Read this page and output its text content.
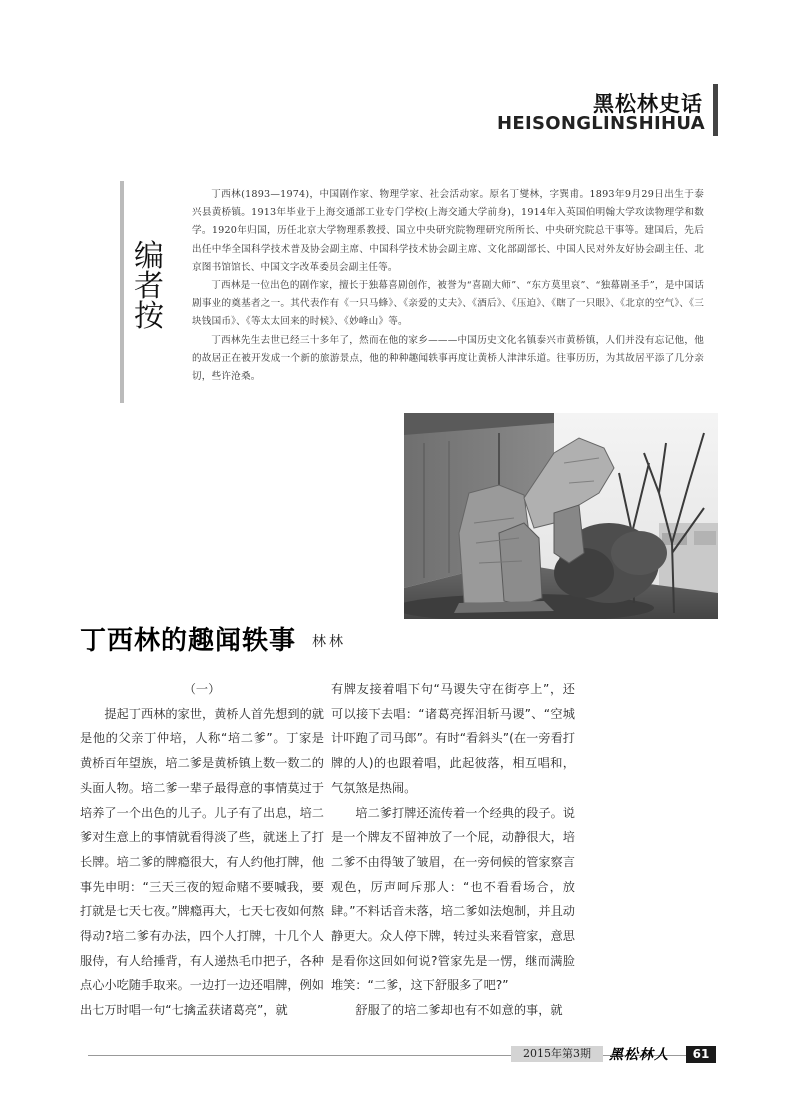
黑松林史话
HEISONGLINSHIHUA
编
者
按

丁西林(1893—1974)，中国剧作家、物理学家、社会活动家。原名丁燮林，字巽甫。1893年9月29日出生于泰兴县黄桥镇。1913年毕业于上海交通部工业专门学校(上海交通大学前身)，1914年入英国伯明翰大学攻读物理学和数学。1920年归国，历任北京大学物理系教授、国立中央研究院物理研究所所长、中央研究院总干事等。建国后，先后出任中华全国科学技术普及协会副主席、中国科学技术协会副主席、文化部副部长、中国人民对外友好协会副主任、北京图书馆馆长、中国文字改革委员会副主任等。

丁西林是一位出色的剧作家，擅长于独幕喜剧创作，被誉为“喜剧大师”、“东方莫里哀”、“独幕剧圣手”，是中国话剧事业的奠基者之一。其代表作有《一只马蜂》、《亲爱的丈夫》、《酒后》、《压迫》、《瞎了一只眼》、《北京的空气》、《三块钱国币》、《等太太回来的时候》、《妙峰山》等。

丁西林先生去世已经三十多年了，然而在他的家乡———中国历史文化名镇泰兴市黄桥镇，人们并没有忘记他，他的故居正在被开发成一个新的旅游景点，他的种种趣闻轶事再度让黄桥人津津乐道。往事历历，为其故居平添了几分亲切，些许沧桑。

丁西林的趣闻轶事 林林

（一）

提起丁西林的家世，黄桥人首先想到的就是他的父亲丁仲培，人称“培二爹”。丁家是黄桥百年望族，培二爹是黄桥镇上数一数二的头面人物。培二爹一辈子最得意的事情莫过于培养了一个出色的儿子。儿子有了出息，培二爹对生意上的事情就看得淡了些，就迷上了打长牌。培二爹的牌瘾很大，有人约他打牌，他事先申明：“三天三夜的短命赌不要喊我，要打就是七天七夜。”牌瘾再大，七天七夜如何熬得动?培二爹有办法，四个人打牌，十几个人服侍，有人给捶背，有人递热毛巾把子，各种点心小吃随手取来。一边打一边还唱牌，例如出七万时唱一句“七擒孟获诸葛亮”，就

有牌友接着唱下句“马谡失守在街亭上”，还可以接下去唱：“诸葛亮挥泪斩马谡”、“空城计吓跑了司马郎”。有时“看斜头”(在一旁看打牌的人)的也跟着唱，此起彼落，相互唱和，气氛煞是热闹。

培二爹打牌还流传着一个经典的段子。说是一个牌友不留神放了一个屁，动静很大，培二爹不由得皱了皱眉，在一旁伺候的管家察言观色，厉声呵斥那人：“也不看看场合，放肆。”不料话音未落，培二爹如法炮制，并且动静更大。众人停下牌，转过头来看管家，意思是看你这回如何说?管家先是一愣，继而满脸堆笑：“二爹，这下舒服多了吧?”

舒服了的培二爹却也有不如意的事，就

2015年第3期	黑松林人	61
